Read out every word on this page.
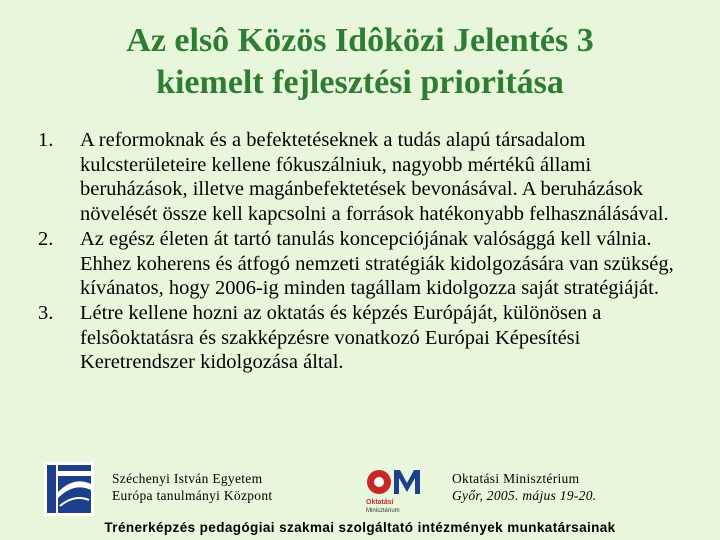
Az elsô Közös Idôközi Jelentés 3
kiemelt fejlesztési prioritása
1. A reformoknak és a befektetéseknek a tudás alapú társadalom kulcsterületeire kellene fókuszálniuk, nagyobb mértékû állami beruházások, illetve magánbefektetések bevonásával. A beruházások növelését össze kell kapcsolni a források hatékonyabb felhasználásával.
2. Az egész életen át tartó tanulás koncepciójának valósággá kell válnia. Ehhez koherens és átfogó nemzeti stratégiák kidolgozására van szükség, kívánatos, hogy 2006-ig minden tagállam kidolgozza saját stratégiáját.
3. Létre kellene hozni az oktatás és képzés Európáját, különösen a felsôoktatásra és szakképzésre vonatkozó Európai Képesítési Keretrendszer kidolgozása által.
Széchenyi István Egyetem
Európa tanulmányi Központ	Oktatási
Minisztérium
Oktatási Minisztérium
Győr, 2005. május 19-20.
Trénerképzés pedagógiai szakmai szolgáltató intézmények munkatársainak
